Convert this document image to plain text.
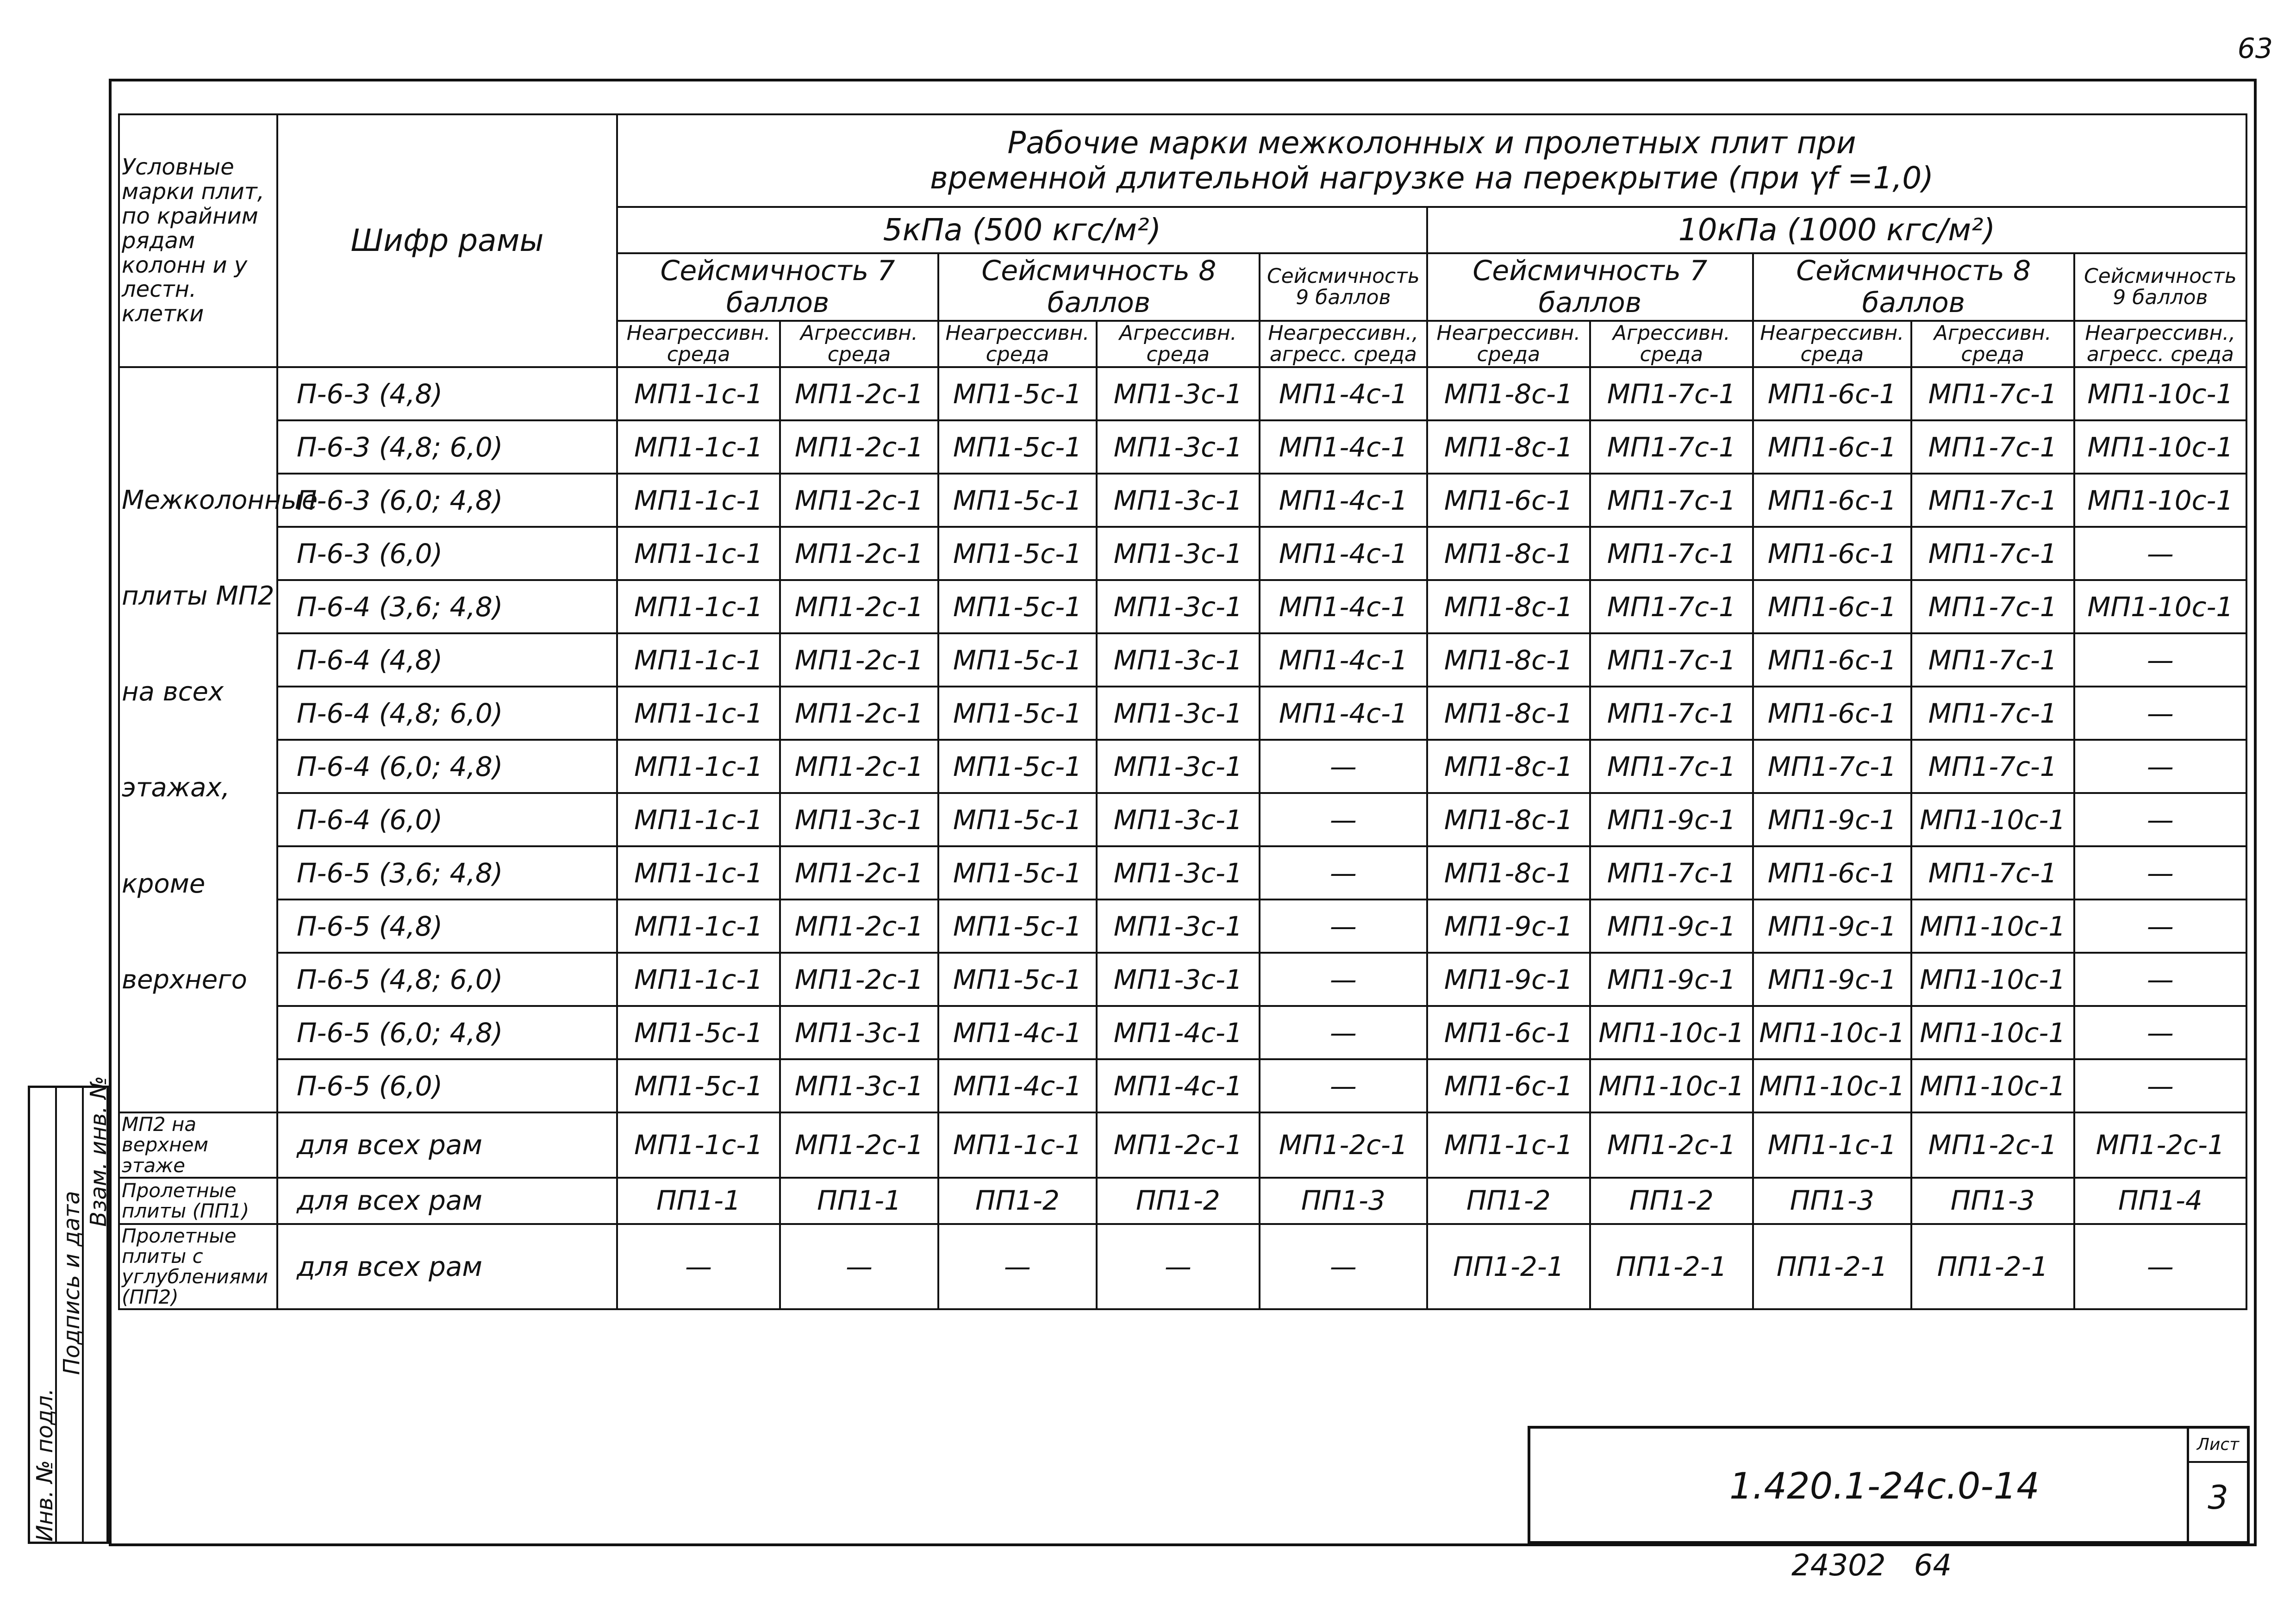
63
Условные марки плит, по крайним рядам колонн и у лестн. клетки	Шифр рамы	Рабочие марки межколонных и пролетных плит при
временной длительной нагрузке на перекрытие (при γf =1,0)									

		5кПа (500 кгс/м²)					10кПа (1000 кгс/м²)				
		Сейсмичность 7 баллов		Сейсмичность 8 баллов		Сейсмичность 9 баллов	Сейсмичность 7 баллов		Сейсмичность 8 баллов		Сейсмичность 9 баллов
		Неагрессивн. среда	Агрессивн. среда	Неагрессивн. среда	Агрессивн. среда	Неагрессивн., агресс. среда	Неагрессивн. среда	Агрессивн. среда	Неагрессивн. среда	Агрессивн. среда	Неагрессивн., агресс. среда
Межколонные плиты МП2 на всех этажах, кроме верхнего	П-6-3 (4,8)	МП1-1с-1	МП1-2с-1	МП1-5с-1	МП1-3с-1	МП1-4с-1	МП1-8с-1	МП1-7с-1	МП1-6с-1	МП1-7с-1	МП1-10с-1
	П-6-3 (4,8; 6,0)	МП1-1с-1	МП1-2с-1	МП1-5с-1	МП1-3с-1	МП1-4с-1	МП1-8с-1	МП1-7с-1	МП1-6с-1	МП1-7с-1	МП1-10с-1
	П-6-3 (6,0; 4,8)	МП1-1с-1	МП1-2с-1	МП1-5с-1	МП1-3с-1	МП1-4с-1	МП1-6с-1	МП1-7с-1	МП1-6с-1	МП1-7с-1	МП1-10с-1
	П-6-3 (6,0)	МП1-1с-1	МП1-2с-1	МП1-5с-1	МП1-3с-1	МП1-4с-1	МП1-8с-1	МП1-7с-1	МП1-6с-1	МП1-7с-1	—
	П-6-4 (3,6; 4,8)	МП1-1с-1	МП1-2с-1	МП1-5с-1	МП1-3с-1	МП1-4с-1	МП1-8с-1	МП1-7с-1	МП1-6с-1	МП1-7с-1	МП1-10с-1
	П-6-4 (4,8)	МП1-1с-1	МП1-2с-1	МП1-5с-1	МП1-3с-1	МП1-4с-1	МП1-8с-1	МП1-7с-1	МП1-6с-1	МП1-7с-1	—
	П-6-4 (4,8; 6,0)	МП1-1с-1	МП1-2с-1	МП1-5с-1	МП1-3с-1	МП1-4с-1	МП1-8с-1	МП1-7с-1	МП1-6с-1	МП1-7с-1	—
	П-6-4 (6,0; 4,8)	МП1-1с-1	МП1-2с-1	МП1-5с-1	МП1-3с-1	—	МП1-8с-1	МП1-7с-1	МП1-7с-1	МП1-7с-1	—
	П-6-4 (6,0)	МП1-1с-1	МП1-3с-1	МП1-5с-1	МП1-3с-1	—	МП1-8с-1	МП1-9с-1	МП1-9с-1	МП1-10с-1	—
	П-6-5 (3,6; 4,8)	МП1-1с-1	МП1-2с-1	МП1-5с-1	МП1-3с-1	—	МП1-8с-1	МП1-7с-1	МП1-6с-1	МП1-7с-1	—
	П-6-5 (4,8)	МП1-1с-1	МП1-2с-1	МП1-5с-1	МП1-3с-1	—	МП1-9с-1	МП1-9с-1	МП1-9с-1	МП1-10с-1	—
	П-6-5 (4,8; 6,0)	МП1-1с-1	МП1-2с-1	МП1-5с-1	МП1-3с-1	—	МП1-9с-1	МП1-9с-1	МП1-9с-1	МП1-10с-1	—
	П-6-5 (6,0; 4,8)	МП1-5с-1	МП1-3с-1	МП1-4с-1	МП1-4с-1	—	МП1-6с-1	МП1-10с-1	МП1-10с-1	МП1-10с-1	—
	П-6-5 (6,0)	МП1-5с-1	МП1-3с-1	МП1-4с-1	МП1-4с-1	—	МП1-6с-1	МП1-10с-1	МП1-10с-1	МП1-10с-1	—
МП2 на верхнем этаже	для всех рам	МП1-1с-1	МП1-2с-1	МП1-1с-1	МП1-2с-1	МП1-2с-1	МП1-1с-1	МП1-2с-1	МП1-1с-1	МП1-2с-1	МП1-2с-1
Пролетные плиты (ПП1)	для всех рам	ПП1-1	ПП1-1	ПП1-2	ПП1-2	ПП1-3	ПП1-2	ПП1-2	ПП1-3	ПП1-3	ПП1-4
Пролетные плиты с углублениями (ПП2)	для всех рам	—	—	—	—	—	ПП1-2-1	ПП1-2-1	ПП1-2-1	ПП1-2-1	—
Инв. № подл.
Подпись и дата
Взам. инв. №
1.420.1-24с.0-14
Лист
3
24302   64
